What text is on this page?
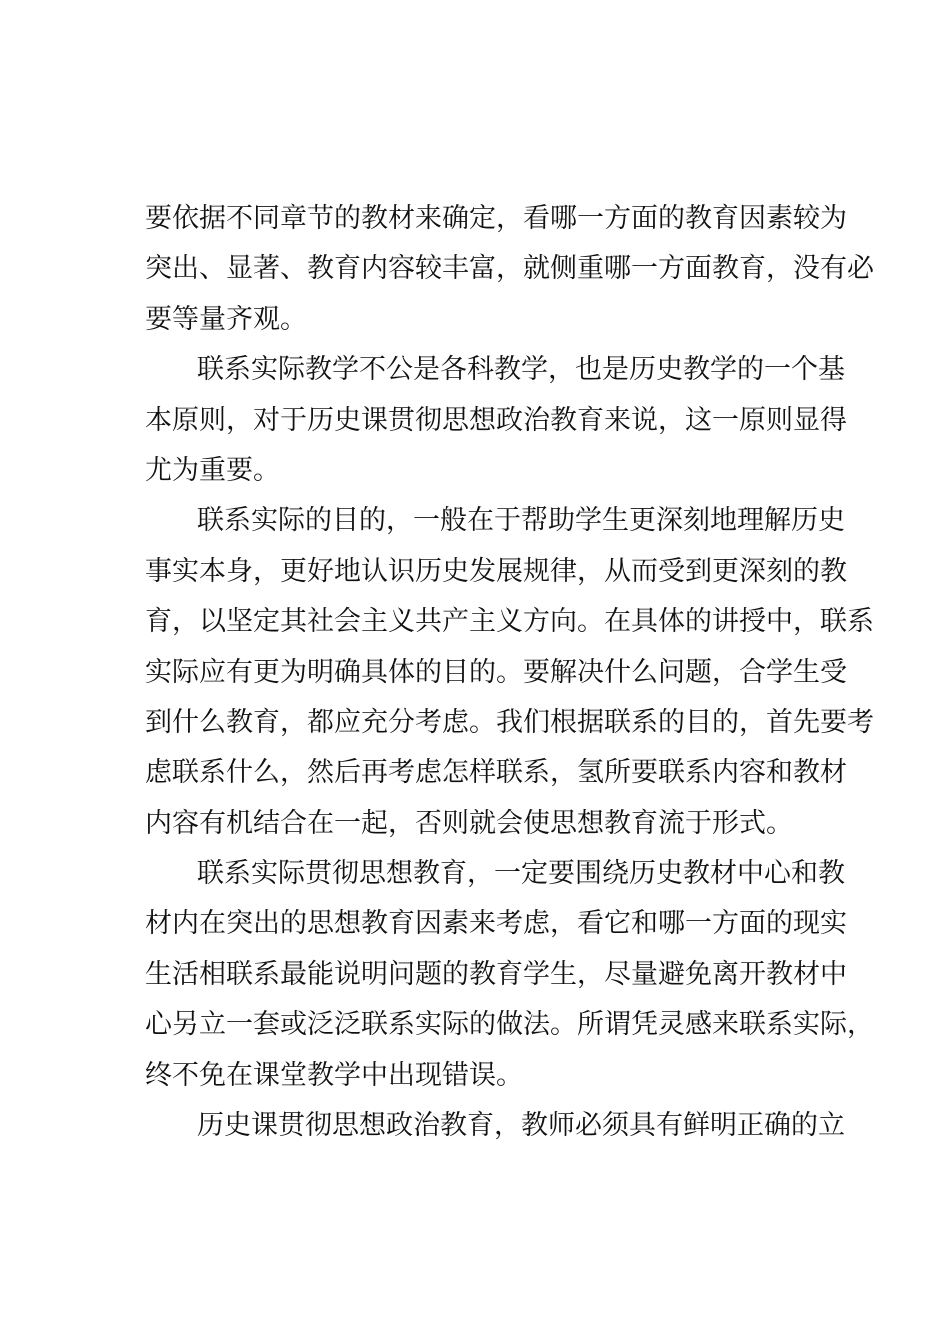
要依据不同章节的教材来确定，看哪一方面的教育因素较为
突出、显著、教育内容较丰富，就侧重哪一方面教育，没有必
要等量齐观。
联系实际教学不公是各科教学，也是历史教学的一个基
本原则，对于历史课贯彻思想政治教育来说，这一原则显得
尤为重要。
联系实际的目的，一般在于帮助学生更深刻地理解历史
事实本身，更好地认识历史发展规律，从而受到更深刻的教
育，以坚定其社会主义共产主义方向。在具体的讲授中，联系
实际应有更为明确具体的目的。要解决什么问题，合学生受
到什么教育，都应充分考虑。我们根据联系的目的，首先要考
虑联系什么，然后再考虑怎样联系，氢所要联系内容和教材
内容有机结合在一起，否则就会使思想教育流于形式。
联系实际贯彻思想教育，一定要围绕历史教材中心和教
材内在突出的思想教育因素来考虑，看它和哪一方面的现实
生活相联系最能说明问题的教育学生，尽量避免离开教材中
心另立一套或泛泛联系实际的做法。所谓凭灵感来联系实际，
终不免在课堂教学中出现错误。
历史课贯彻思想政治教育，教师必须具有鲜明正确的立
